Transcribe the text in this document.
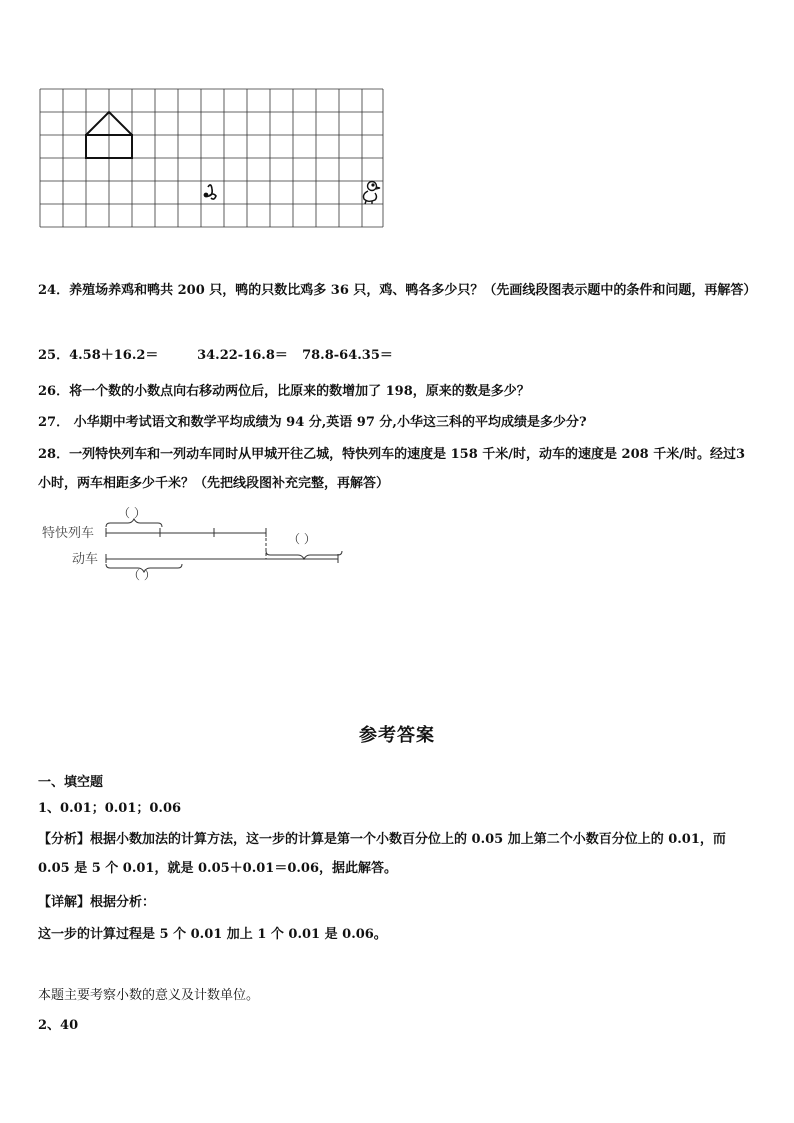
24．养殖场养鸡和鸭共 200 只，鸭的只数比鸡多 36 只，鸡、鸭各多少只？（先画线段图表示题中的条件和问题，再解答）
25．4.58＋16.2＝	34.22-16.8＝ 78.8-64.35＝
26．将一个数的小数点向右移动两位后，比原来的数增加了 198，原来的数是多少？
27． 小华期中考试语文和数学平均成绩为 94 分,英语 97 分,小华这三科的平均成绩是多少分?
28．一列特快列车和一列动车同时从甲城开往乙城，特快列车的速度是 158 千米/时，动车的速度是 208 千米/时。经过3 小时，两车相距多少千米？（先把线段图补充完整，再解答）
特快列车
动车
（ ）
（ ）
（ ）
参考答案
一、填空题
1、0.01；0.01；0.06
【分析】根据小数加法的计算方法，这一步的计算是第一个小数百分位上的 0.05 加上第二个小数百分位上的 0.01，而 0.05 是 5 个 0.01，就是 0.05＋0.01＝0.06，据此解答。
【详解】根据分析：
这一步的计算过程是 5 个 0.01 加上 1 个 0.01 是 0.06。
本题主要考察小数的意义及计数单位。
2、40
